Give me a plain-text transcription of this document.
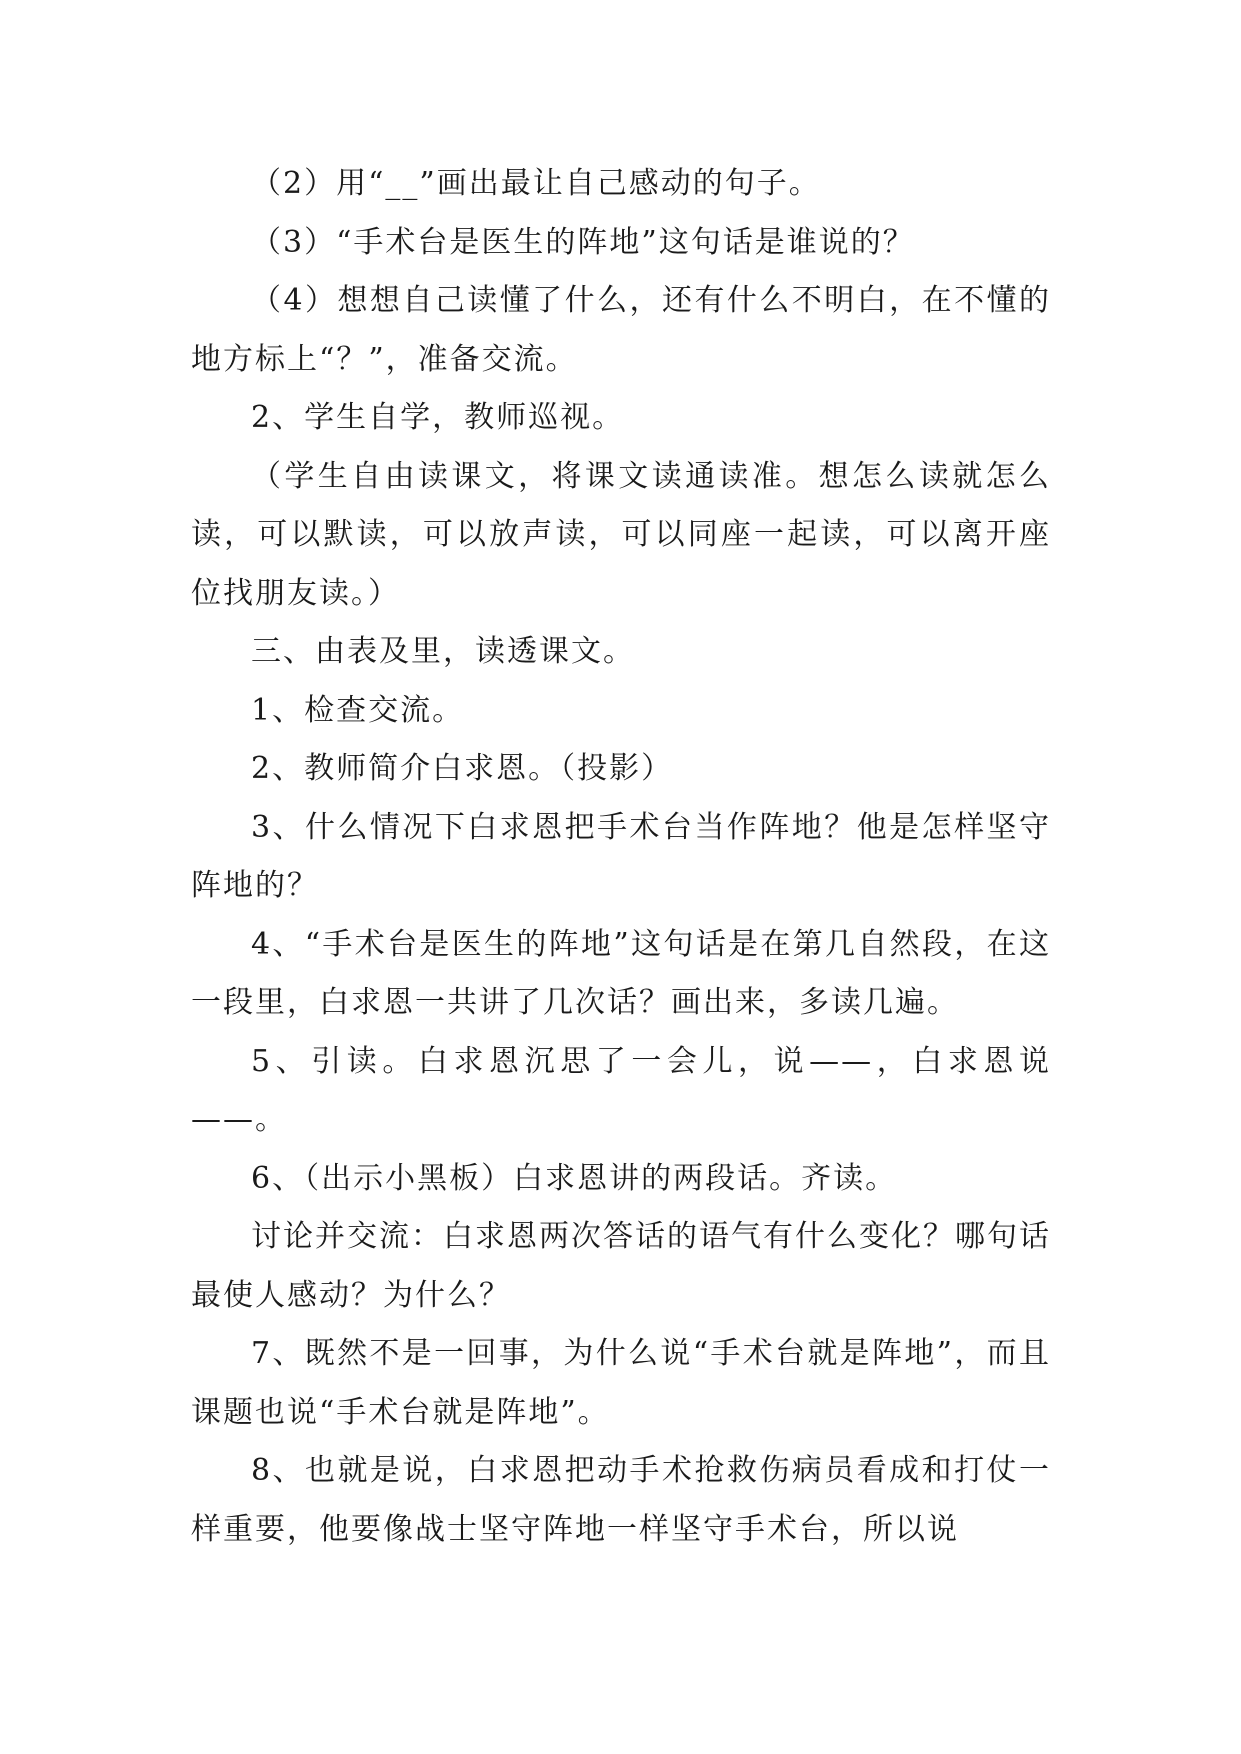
（2）用“__”画出最让自己感动的句子。

（3）“手术台是医生的阵地”这句话是谁说的？

（4）想想自己读懂了什么，还有什么不明白，在不懂的地方标上“？”，准备交流。

2、学生自学，教师巡视。

（学生自由读课文，将课文读通读准。想怎么读就怎么读，可以默读，可以放声读，可以同座一起读，可以离开座位找朋友读。）

三、由表及里，读透课文。

1、检查交流。

2、教师简介白求恩。（投影）

3、什么情况下白求恩把手术台当作阵地？他是怎样坚守阵地的？

4、“手术台是医生的阵地”这句话是在第几自然段，在这一段里，白求恩一共讲了几次话？画出来，多读几遍。

5、引读。白求恩沉思了一会儿，说——，白求恩说——。

6、（出示小黑板）白求恩讲的两段话。齐读。

讨论并交流：白求恩两次答话的语气有什么变化？哪句话最使人感动？为什么？

7、既然不是一回事，为什么说“手术台就是阵地”，而且课题也说“手术台就是阵地”。

8、也就是说，白求恩把动手术抢救伤病员看成和打仗一样重要，他要像战士坚守阵地一样坚守手术台，所以说
